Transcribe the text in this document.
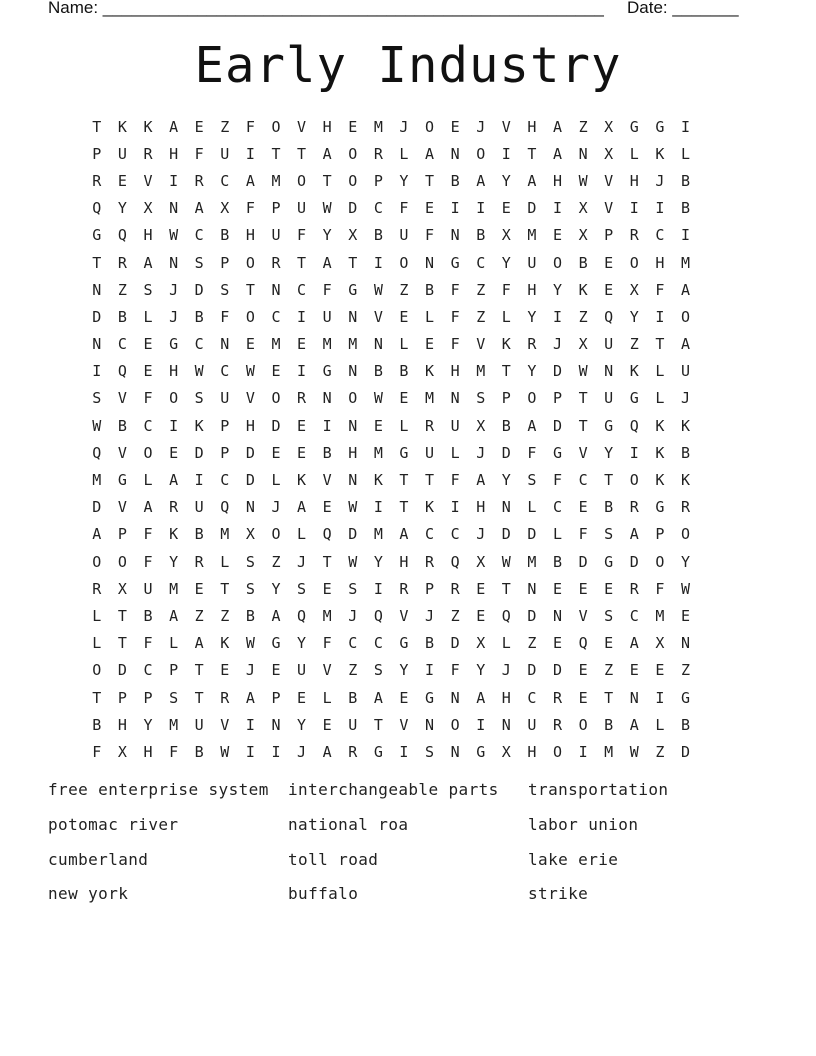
Name: _____________________________________________________ Date: _______
Early Industry
T	K	K	A	E	Z	F	O	V	H	E	M	J	O	E	J	V	H	A	Z	X	G	G	I
P	U	R	H	F	U	I	T	T	A	O	R	L	A	N	O	I	T	A	N	X	L	K	L
R	E	V	I	R	C	A	M	O	T	O	P	Y	T	B	A	Y	A	H	W	V	H	J	B
Q	Y	X	N	A	X	F	P	U	W	D	C	F	E	I	I	E	D	I	X	V	I	I	B
G	Q	H	W	C	B	H	U	F	Y	X	B	U	F	N	B	X	M	E	X	P	R	C	I
T	R	A	N	S	P	O	R	T	A	T	I	O	N	G	C	Y	U	O	B	E	O	H	M
N	Z	S	J	D	S	T	N	C	F	G	W	Z	B	F	Z	F	H	Y	K	E	X	F	A
D	B	L	J	B	F	O	C	I	U	N	V	E	L	F	Z	L	Y	I	Z	Q	Y	I	O
N	C	E	G	C	N	E	M	E	M	M	N	L	E	F	V	K	R	J	X	U	Z	T	A
I	Q	E	H	W	C	W	E	I	G	N	B	B	K	H	M	T	Y	D	W	N	K	L	U
S	V	F	O	S	U	V	O	R	N	O	W	E	M	N	S	P	O	P	T	U	G	L	J
W	B	C	I	K	P	H	D	E	I	N	E	L	R	U	X	B	A	D	T	G	Q	K	K
Q	V	O	E	D	P	D	E	E	B	H	M	G	U	L	J	D	F	G	V	Y	I	K	B
M	G	L	A	I	C	D	L	K	V	N	K	T	T	F	A	Y	S	F	C	T	O	K	K
D	V	A	R	U	Q	N	J	A	E	W	I	T	K	I	H	N	L	C	E	B	R	G	R
A	P	F	K	B	M	X	O	L	Q	D	M	A	C	C	J	D	D	L	F	S	A	P	O
O	O	F	Y	R	L	S	Z	J	T	W	Y	H	R	Q	X	W	M	B	D	G	D	O	Y
R	X	U	M	E	T	S	Y	S	E	S	I	R	P	R	E	T	N	E	E	E	R	F	W
L	T	B	A	Z	Z	B	A	Q	M	J	Q	V	J	Z	E	Q	D	N	V	S	C	M	E
L	T	F	L	A	K	W	G	Y	F	C	C	G	B	D	X	L	Z	E	Q	E	A	X	N
O	D	C	P	T	E	J	E	U	V	Z	S	Y	I	F	Y	J	D	D	E	Z	E	E	Z
T	P	P	S	T	R	A	P	E	L	B	A	E	G	N	A	H	C	R	E	T	N	I	G
B	H	Y	M	U	V	I	N	Y	E	U	T	V	N	O	I	N	U	R	O	B	A	L	B
F	X	H	F	B	W	I	I	J	A	R	G	I	S	N	G	X	H	O	I	M	W	Z	D
free enterprise system	interchangeable parts	transportation
potomac river	national roa	labor union
cumberland	toll road	lake erie
new york	buffalo	strike
